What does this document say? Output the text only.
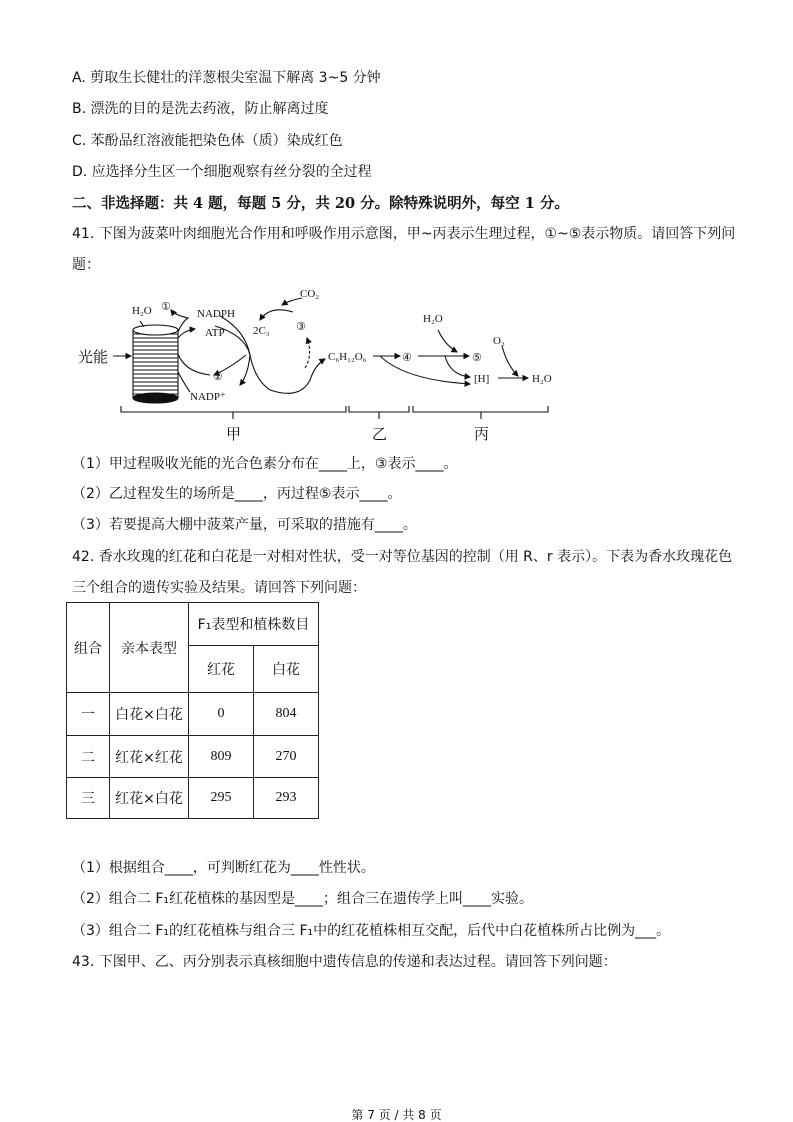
A. 剪取生长健壮的洋葱根尖室温下解离 3~5 分钟
B. 漂洗的目的是洗去药液，防止解离过度
C. 苯酚品红溶液能把染色体（质）染成红色
D. 应选择分生区一个细胞观察有丝分裂的全过程
二、非选择题：共 4 题，每题 5 分，共 20 分。除特殊说明外，每空 1 分。
41. 下图为菠菜叶肉细胞光合作用和呼吸作用示意图，甲~丙表示生理过程，①~⑤表示物质。请回答下列问
题：
光能
H₂O ①
NADPH
ATP
②
NADP⁺
2C₃
CO₂
③
C₆H₁₂O₆	④
H₂O
⑤
O₂
[H]	H₂O
甲	乙	丙
（1）甲过程吸收光能的光合色素分布在____上，③表示____。
（2）乙过程发生的场所是____，丙过程⑤表示____。
（3）若要提高大棚中菠菜产量，可采取的措施有____。
42. 香水玫瑰的红花和白花是一对相对性状，受一对等位基因的控制（用 R、r 表示）。下表为香水玫瑰花色
三个组合的遗传实验及结果。请回答下列问题：
组合	亲本表型	F₁表型和植株数目	
		红花	白花
一	白花×白花	0	804
二	红花×红花	809	270
三	红花×白花	295	293
（1）根据组合____，可判断红花为____性性状。
（2）组合二 F₁红花植株的基因型是____；组合三在遗传学上叫____实验。
（3）组合二 F₁的红花植株与组合三 F₁中的红花植株相互交配，后代中白花植株所占比例为___。
43. 下图甲、乙、丙分别表示真核细胞中遗传信息的传递和表达过程。请回答下列问题：
第 7 页 / 共 8 页
